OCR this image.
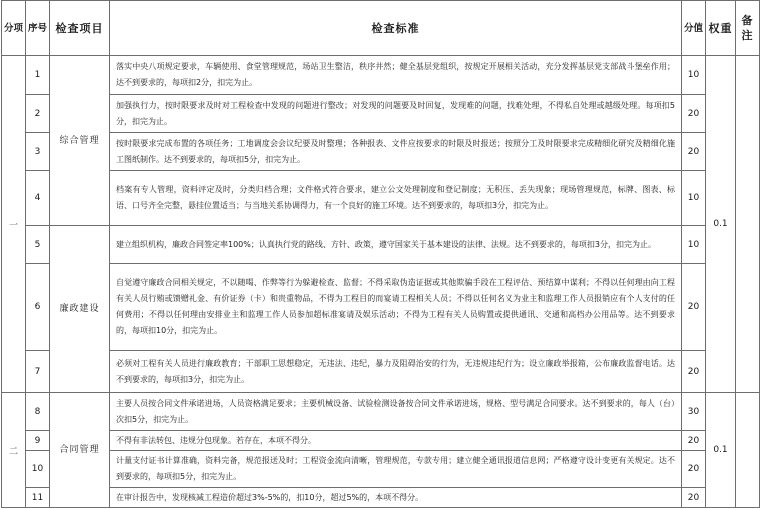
分项	序号	检查项目	检查标准	分值	权重	备注
一	1	综合管理	落实中央八项规定要求，车辆使用、食堂管理规范，场站卫生整洁，秩序井然；健全基层党组织，按规定开展相关活动，充分发挥基层党支部战斗堡垒作用；达不到要求的，每项扣2分，扣完为止。	10	0.1	
	2		加强执行力，按时限要求及时对工程检查中发现的问题进行整改；对发现的问题要及时回复，发现难的问题，找难处理，不得私自处理或越级处理。每项扣5分，扣完为止。	20		
	3		按时限要求完成布置的各项任务；工地调度会会议纪要及时整理；各种报表、文件应按要求的时限及时报送；按照分工及时限要求完成精细化研究及精细化施工图纸制作。达不到要求的，每项扣5分，扣完为止。	20		
	4		档案有专人管理，资料评定及时，分类归档合理；文件格式符合要求，建立公文处理制度和登记制度；无积压、丢失现象；现场管理规范，标牌、图表、标语、口号齐全完整，悬挂位置适当；与当地关系协调得力，有一个良好的施工环境。达不到要求的，每项扣3分，扣完为止。	10		
	5	廉政建设	建立组织机构，廉政合同签定率100%；认真执行党的路线、方针、政策，遵守国家关于基本建设的法律、法规。达不到要求的，每项扣3分，扣完为止。	10		
	6		自觉遵守廉政合同相关规定，不以随喝、作弊等行为躲避检查、监督；不得采取伪造证据或其他欺骗手段在工程评估、预结算中谋利；不得以任何理由向工程有关人员行贿或馈赠礼金、有价证券（卡）和贵重物品，不得为工程目的而宴请工程相关人员；不得以任何名义为业主和监理工作人员报销应有个人支付的任何费用；不得以任何理由安排业主和监理工作人员参加超标准宴请及娱乐活动；不得为工程有关人员购置或提供通讯、交通和高档办公用品等。达不到要求的，每项扣10分，扣完为止。	20		
	7		必须对工程有关人员进行廉政教育；干部职工思想稳定，无违法、违纪，暴力及阻碍治安的行为，无违规违纪行为；设立廉政举报箱，公布廉政监督电话。达不到要求的，每项扣3分，扣完为止。	20		
二	8	合同管理	主要人员按合同文件承诺进场，人员资格满足要求；主要机械设备、试验检测设备按合同文件承诺进场，规格、型号满足合同要求。达不到要求的，每人（台）次扣5分，扣完为止。	30	0.1	
	9		不得有非法转包、违规分包现象。若存在，本项不得分。	20		
	10		计量支付证书计算准确，资料完备，规范报送及时；工程资金流向清晰，管理规范，专款专用；建立健全通讯报道信息网；严格遵守设计变更有关规定。达不到要求的，每项扣5分，扣完为止。	20		
	11		在审计报告中，发现核减工程造价超过3%-5%的，扣10分，超过5%的，本项不得分。	20		
